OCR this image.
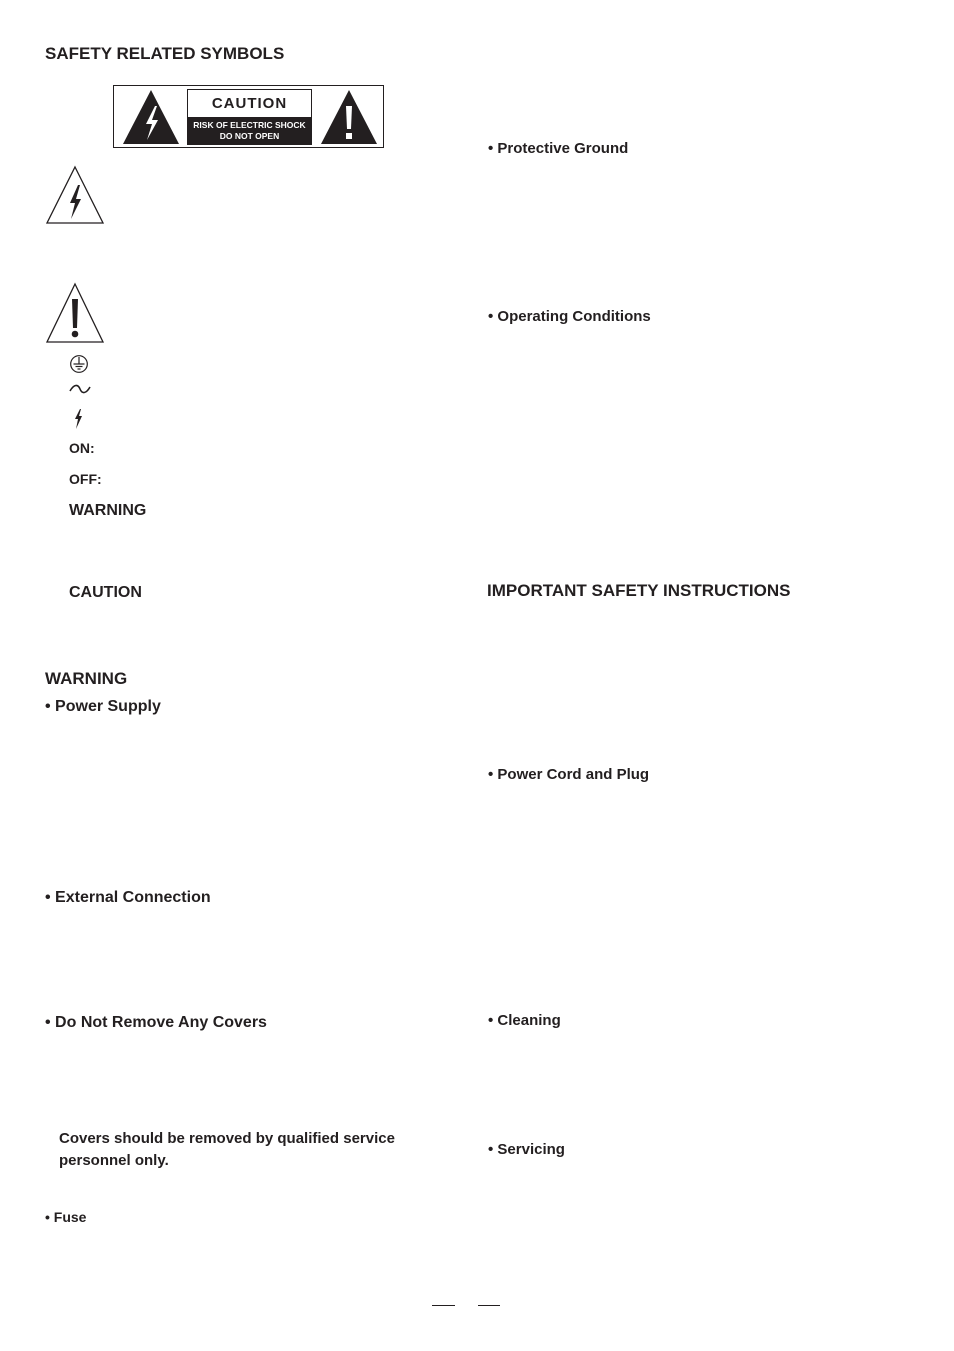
SAFETY RELATED SYMBOLS
CAUTION
RISK OF ELECTRIC SHOCK
DO NOT OPEN
ON:
OFF:
WARNING
CAUTION
WARNING
• Power Supply
• External Connection
• Do Not Remove Any Covers
Covers should be removed by qualified service personnel only.
• Fuse
• Protective Ground
• Operating Conditions
IMPORTANT SAFETY INSTRUCTIONS
• Power Cord and Plug
• Cleaning
• Servicing
